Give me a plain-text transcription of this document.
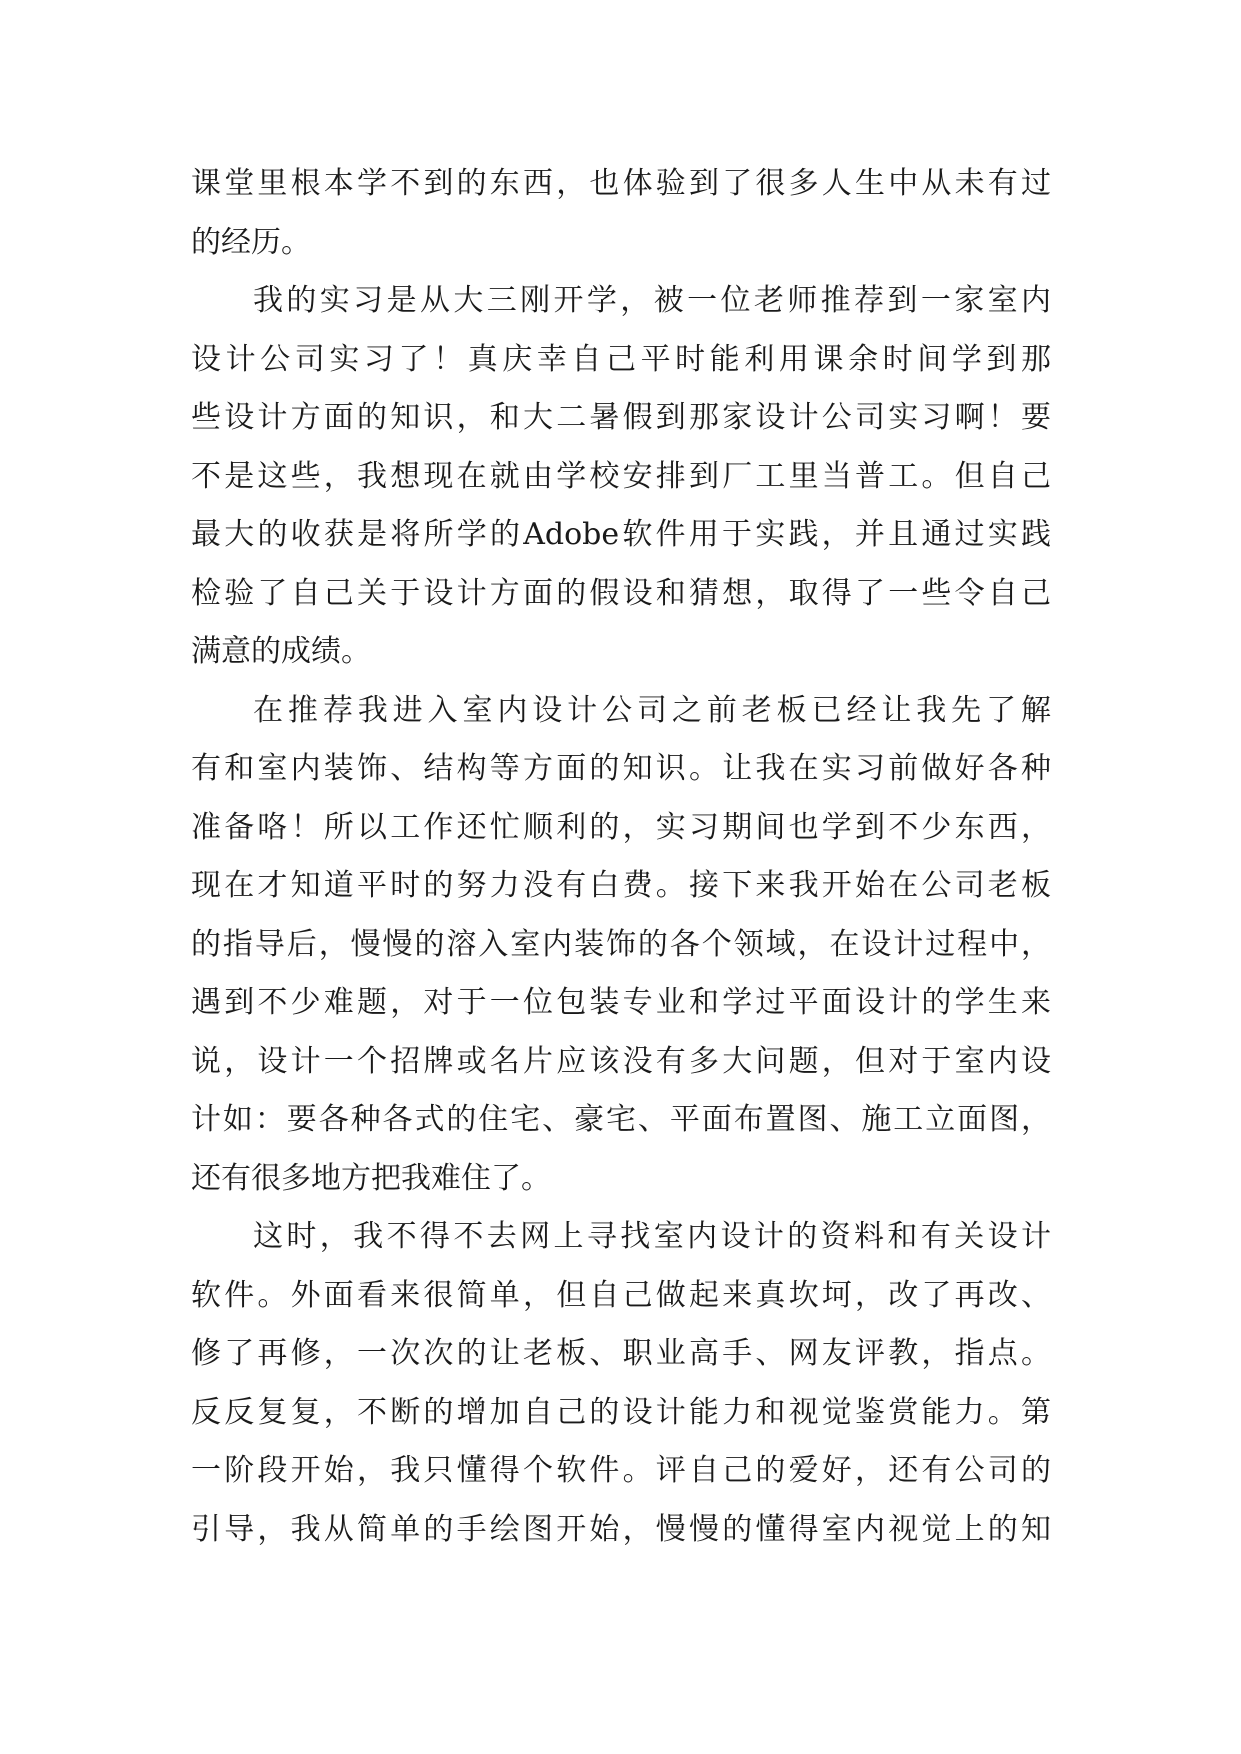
课堂里根本学不到的东西，也体验到了很多人生中从未有过
的经历。
我的实习是从大三刚开学，被一位老师推荐到一家室内
设计公司实习了！真庆幸自己平时能利用课余时间学到那
些设计方面的知识，和大二暑假到那家设计公司实习啊！要
不是这些，我想现在就由学校安排到厂工里当普工。但自己
最大的收获是将所学的Adobe软件用于实践，并且通过实践
检验了自己关于设计方面的假设和猜想，取得了一些令自己
满意的成绩。
在推荐我进入室内设计公司之前老板已经让我先了解
有和室内装饰、结构等方面的知识。让我在实习前做好各种
准备咯！所以工作还忙顺利的，实习期间也学到不少东西，
现在才知道平时的努力没有白费。接下来我开始在公司老板
的指导后，慢慢的溶入室内装饰的各个领域，在设计过程中，
遇到不少难题，对于一位包装专业和学过平面设计的学生来
说，设计一个招牌或名片应该没有多大问题，但对于室内设
计如：要各种各式的住宅、豪宅、平面布置图、施工立面图，
还有很多地方把我难住了。
这时，我不得不去网上寻找室内设计的资料和有关设计
软件。外面看来很简单，但自己做起来真坎坷，改了再改、
修了再修，一次次的让老板、职业高手、网友评教，指点。
反反复复，不断的增加自己的设计能力和视觉鉴赏能力。第
一阶段开始，我只懂得个软件。评自己的爱好，还有公司的
引导，我从简单的手绘图开始，慢慢的懂得室内视觉上的知
